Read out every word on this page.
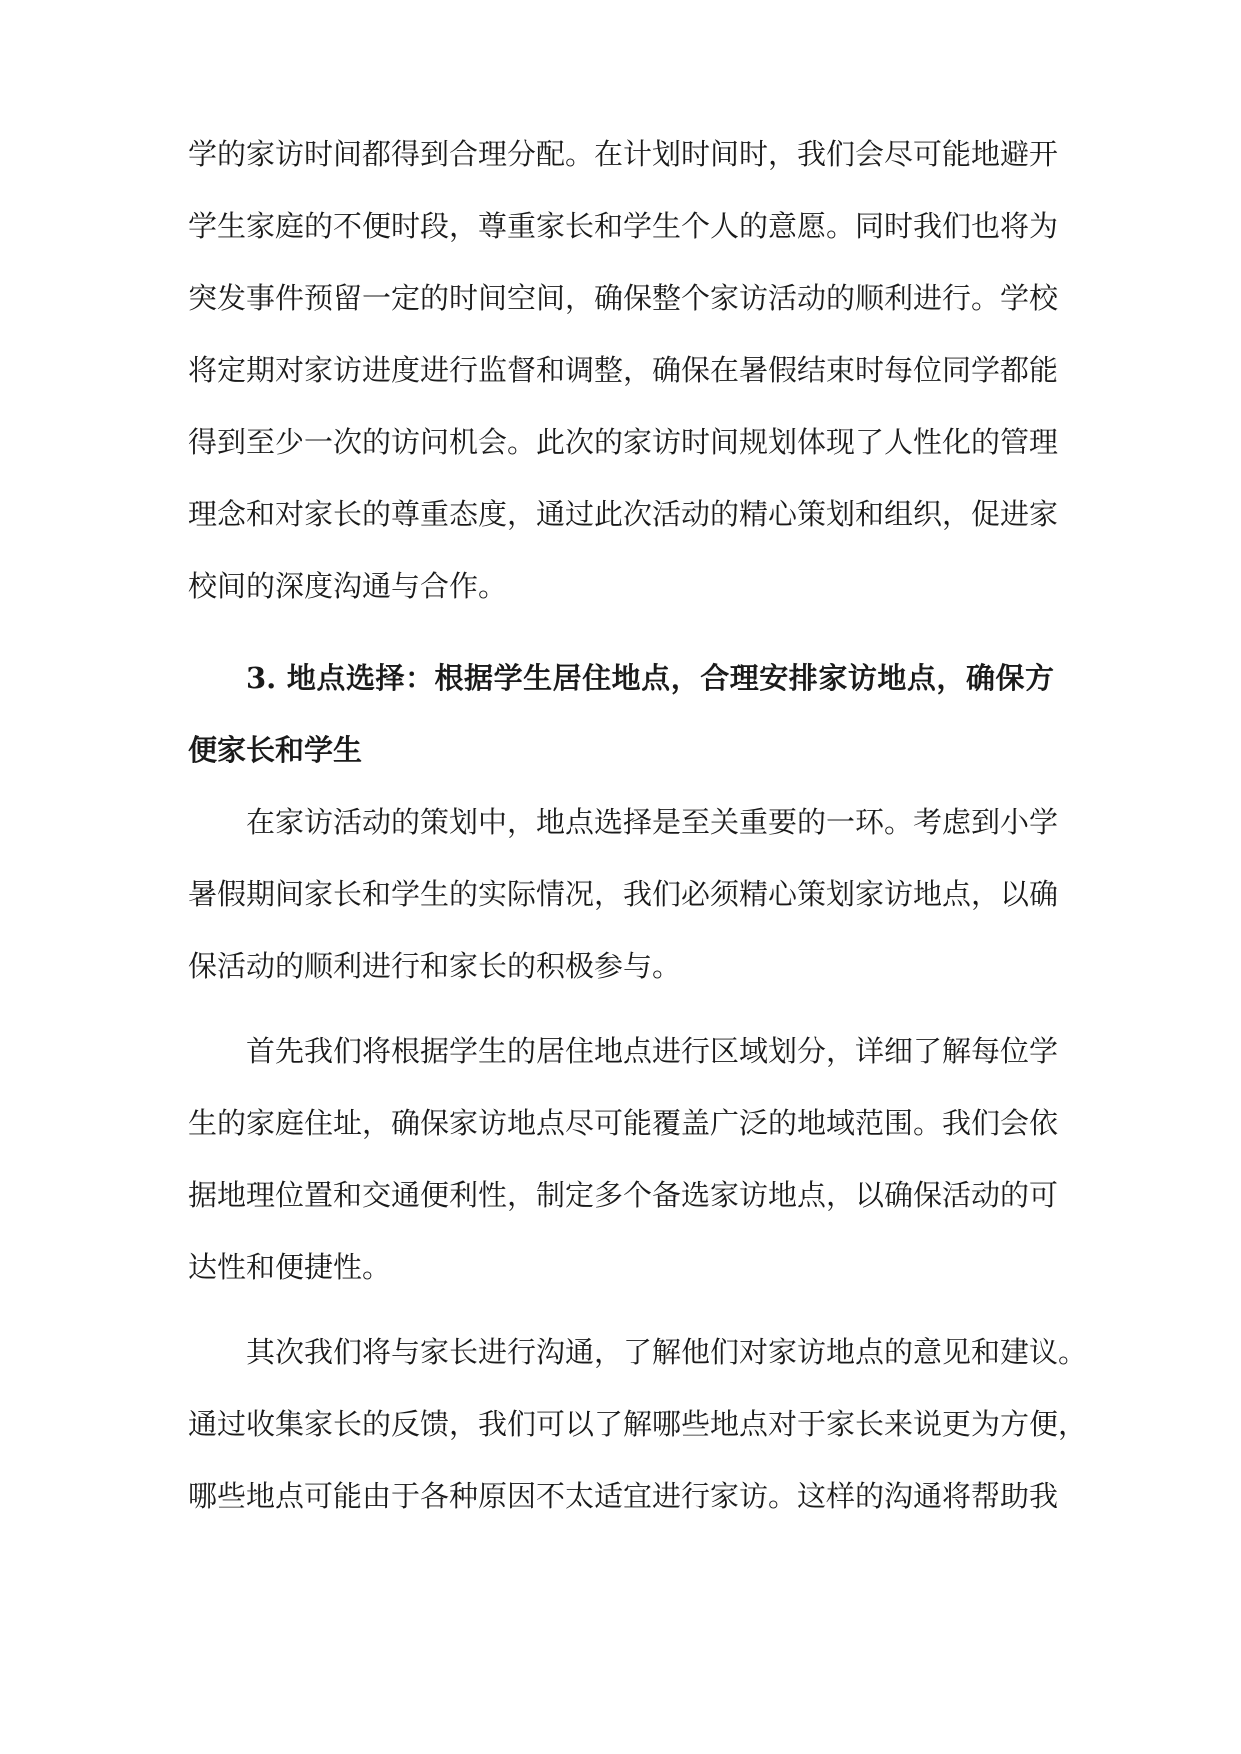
学的家访时间都得到合理分配。在计划时间时，我们会尽可能地避开
学生家庭的不便时段，尊重家长和学生个人的意愿。同时我们也将为
突发事件预留一定的时间空间，确保整个家访活动的顺利进行。学校
将定期对家访进度进行监督和调整，确保在暑假结束时每位同学都能
得到至少一次的访问机会。此次的家访时间规划体现了人性化的管理
理念和对家长的尊重态度，通过此次活动的精心策划和组织，促进家
校间的深度沟通与合作。
3. 地点选择：根据学生居住地点，合理安排家访地点，确保方
便家长和学生
在家访活动的策划中，地点选择是至关重要的一环。考虑到小学
暑假期间家长和学生的实际情况，我们必须精心策划家访地点，以确
保活动的顺利进行和家长的积极参与。
首先我们将根据学生的居住地点进行区域划分，详细了解每位学
生的家庭住址，确保家访地点尽可能覆盖广泛的地域范围。我们会依
据地理位置和交通便利性，制定多个备选家访地点，以确保活动的可
达性和便捷性。
其次我们将与家长进行沟通，了解他们对家访地点的意见和建议。
通过收集家长的反馈，我们可以了解哪些地点对于家长来说更为方便，
哪些地点可能由于各种原因不太适宜进行家访。这样的沟通将帮助我
